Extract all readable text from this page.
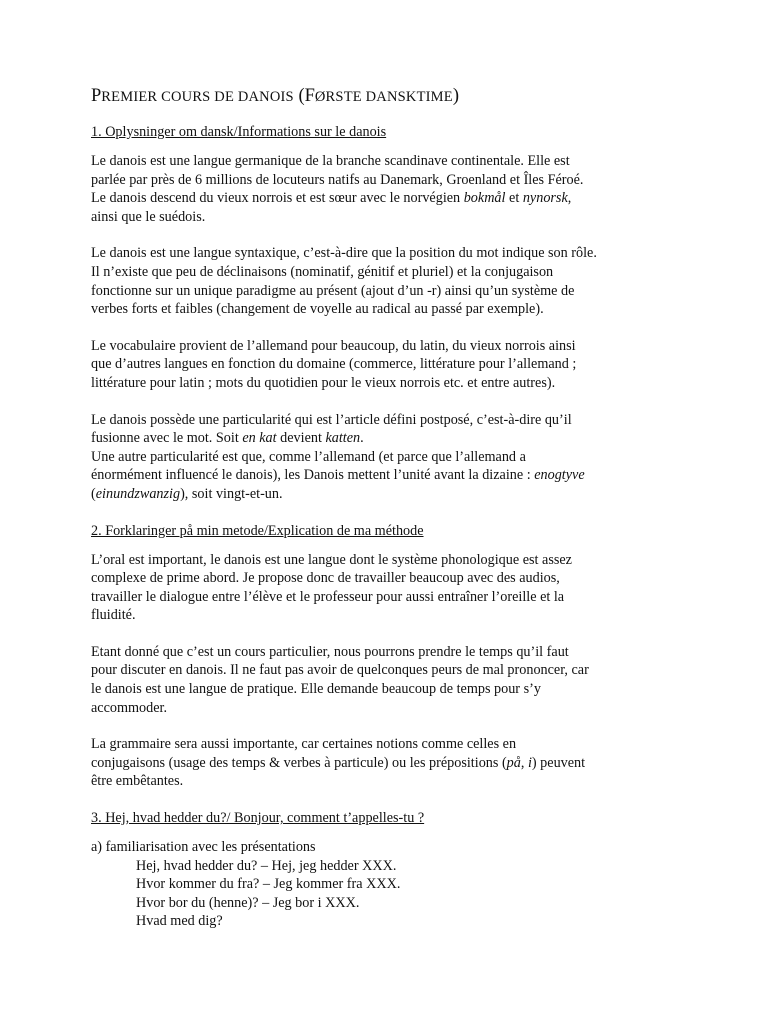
PREMIER COURS DE DANOIS (FØRSTE DANSKTIME)
1. Oplysninger om dansk/Informations sur le danois
Le danois est une langue germanique de la branche scandinave continentale. Elle est
parlée par près de 6 millions de locuteurs natifs au Danemark, Groenland et Îles Féroé.
Le danois descend du vieux norrois et est sœur avec le norvégien bokmål et nynorsk,
ainsi que le suédois.
Le danois est une langue syntaxique, c’est-à-dire que la position du mot indique son rôle.
Il n’existe que peu de déclinaisons (nominatif, génitif et pluriel) et la conjugaison
fonctionne sur un unique paradigme au présent (ajout d’un -r) ainsi qu’un système de
verbes forts et faibles (changement de voyelle au radical au passé par exemple).
Le vocabulaire provient de l’allemand pour beaucoup, du latin, du vieux norrois ainsi
que d’autres langues en fonction du domaine (commerce, littérature pour l’allemand ;
littérature pour latin ; mots du quotidien pour le vieux norrois etc. et entre autres).
Le danois possède une particularité qui est l’article défini postposé, c’est-à-dire qu’il
fusionne avec le mot. Soit en kat devient katten.
Une autre particularité est que, comme l’allemand (et parce que l’allemand a
énormément influencé le danois), les Danois mettent l’unité avant la dizaine : enogtyve
(einundzwanzig), soit vingt-et-un.
2. Forklaringer på min metode/Explication de ma méthode
L’oral est important, le danois est une langue dont le système phonologique est assez
complexe de prime abord. Je propose donc de travailler beaucoup avec des audios,
travailler le dialogue entre l’élève et le professeur pour aussi entraîner l’oreille et la
fluidité.
Etant donné que c’est un cours particulier, nous pourrons prendre le temps qu’il faut
pour discuter en danois. Il ne faut pas avoir de quelconques peurs de mal prononcer, car
le danois est une langue de pratique. Elle demande beaucoup de temps pour s’y
accommoder.
La grammaire sera aussi importante, car certaines notions comme celles en
conjugaisons (usage des temps & verbes à particule) ou les prépositions (på, i) peuvent
être embêtantes.
3. Hej, hvad hedder du?/ Bonjour, comment t’appelles-tu ?
a) familiarisation avec les présentations
Hej, hvad hedder du? – Hej, jeg hedder XXX.
Hvor kommer du fra? – Jeg kommer fra XXX.
Hvor bor du (henne)? – Jeg bor i XXX.
Hvad med dig?
